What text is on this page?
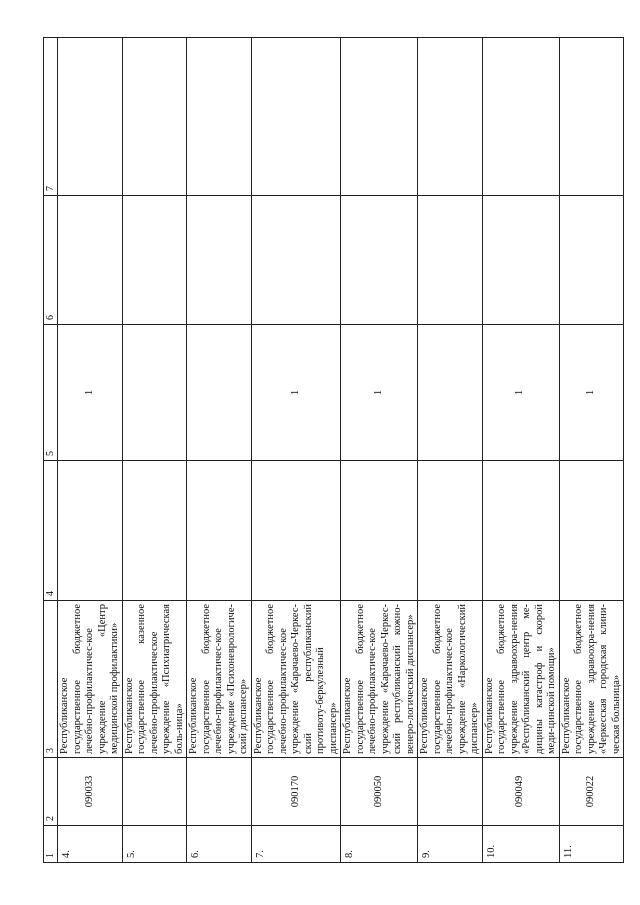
1	2	3	4	5	6	7
4.	090033	Республиканское государственное бюджетное лечебно-профилактичес-кое учреждение «Центр медицинской профилактики»		1		
5.		Республиканское государственное казенное лечебно-профилактическое учреждение «Психиатрическая боль-ница»				
6.		Республиканское государственное бюджетное лечебно-профилактичес-кое учреждение «Психоневрологиче-ский диспансер»				
7.	090170	Республиканское государственное бюджетное лечебно-профилактичес-кое учреждение «Карачаево-Черкес-ский республиканский противоту-беркулезный диспансер»		1		
8.	090050	Республиканское государственное бюджетное лечебно-профилактичес-кое учреждение «Карачаево-Черкес-ский республиканский кожно-венеро-логический диспансер»		1		
9.		Республиканское государственное бюджетное лечебно-профилактичес-кое учреждение «Наркологический диспансер»				
10.	090049	Республиканское государственное бюджетное учреждение здравоохра-нения «Республиканский центр ме-дицины катастроф и скорой меди-цинской помощи»		1		
11.	090022	Республиканское государственное бюджетное учреждение здравоохра-нения «Черкесская городская клини-ческая больница»		1		
